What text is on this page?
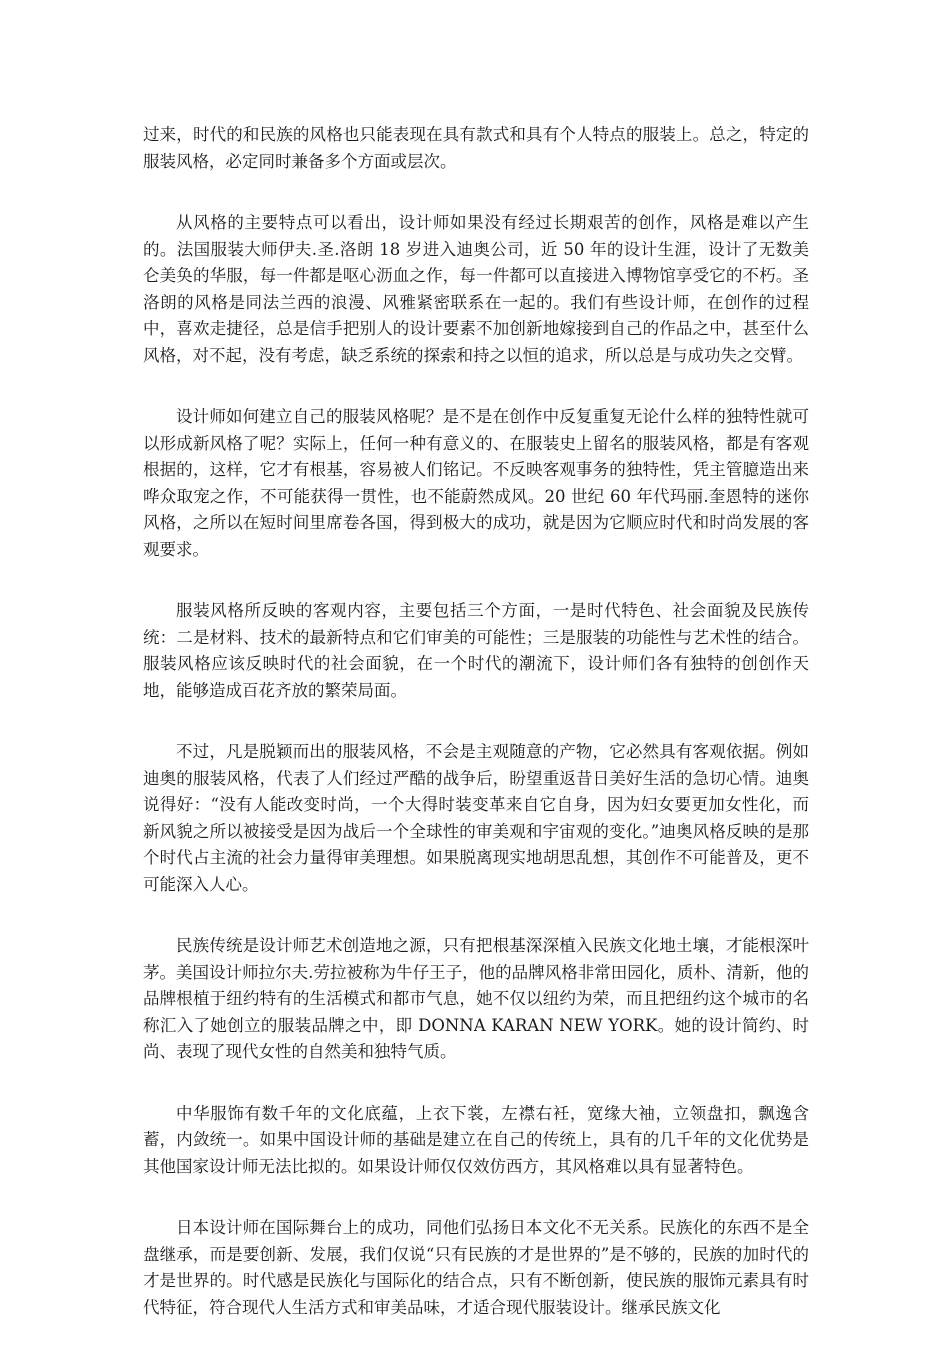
过来，时代的和民族的风格也只能表现在具有款式和具有个人特点的服装上。总之，特定的服装风格，必定同时兼备多个方面或层次。

从风格的主要特点可以看出，设计师如果没有经过长期艰苦的创作，风格是难以产生的。法国服装大师伊夫.圣.洛朗 18 岁进入迪奥公司，近 50 年的设计生涯，设计了无数美仑美奂的华服，每一件都是呕心沥血之作，每一件都可以直接进入博物馆享受它的不朽。圣洛朗的风格是同法兰西的浪漫、风雅紧密联系在一起的。我们有些设计师，在创作的过程中，喜欢走捷径，总是信手把别人的设计要素不加创新地嫁接到自己的作品之中，甚至什么风格，对不起，没有考虑，缺乏系统的探索和持之以恒的追求，所以总是与成功失之交臂。

设计师如何建立自己的服装风格呢？是不是在创作中反复重复无论什么样的独特性就可以形成新风格了呢？实际上，任何一种有意义的、在服装史上留名的服装风格，都是有客观根据的，这样，它才有根基，容易被人们铭记。不反映客观事务的独特性，凭主管臆造出来哗众取宠之作，不可能获得一贯性，也不能蔚然成风。20 世纪 60 年代玛丽.奎恩特的迷你风格，之所以在短时间里席卷各国，得到极大的成功，就是因为它顺应时代和时尚发展的客观要求。

服装风格所反映的客观内容，主要包括三个方面，一是时代特色、社会面貌及民族传统：二是材料、技术的最新特点和它们审美的可能性；三是服装的功能性与艺术性的结合。服装风格应该反映时代的社会面貌，在一个时代的潮流下，设计师们各有独特的创创作天地，能够造成百花齐放的繁荣局面。

不过，凡是脱颖而出的服装风格，不会是主观随意的产物，它必然具有客观依据。例如迪奥的服装风格，代表了人们经过严酷的战争后，盼望重返昔日美好生活的急切心情。迪奥说得好：“没有人能改变时尚，一个大得时装变革来自它自身，因为妇女要更加女性化，而新风貌之所以被接受是因为战后一个全球性的审美观和宇宙观的变化。”迪奥风格反映的是那个时代占主流的社会力量得审美理想。如果脱离现实地胡思乱想，其创作不可能普及，更不可能深入人心。

民族传统是设计师艺术创造地之源，只有把根基深深植入民族文化地土壤，才能根深叶茅。美国设计师拉尔夫.劳拉被称为牛仔王子，他的品牌风格非常田园化，质朴、清新，他的品牌根植于纽约特有的生活模式和都市气息，她不仅以纽约为荣，而且把纽约这个城市的名称汇入了她创立的服装品牌之中，即 DONNA KARAN NEW YORK。她的设计简约、时尚、表现了现代女性的自然美和独特气质。

中华服饰有数千年的文化底蕴，上衣下裳，左襟右衽，宽缘大袖，立领盘扣，飘逸含蓄，内敛统一。如果中国设计师的基础是建立在自己的传统上，具有的几千年的文化优势是其他国家设计师无法比拟的。如果设计师仅仅效仿西方，其风格难以具有显著特色。

日本设计师在国际舞台上的成功，同他们弘扬日本文化不无关系。民族化的东西不是全盘继承，而是要创新、发展，我们仅说“只有民族的才是世界的”是不够的，民族的加时代的才是世界的。时代感是民族化与国际化的结合点，只有不断创新，使民族的服饰元素具有时代特征，符合现代人生活方式和审美品味，才适合现代服装设计。继承民族文化
